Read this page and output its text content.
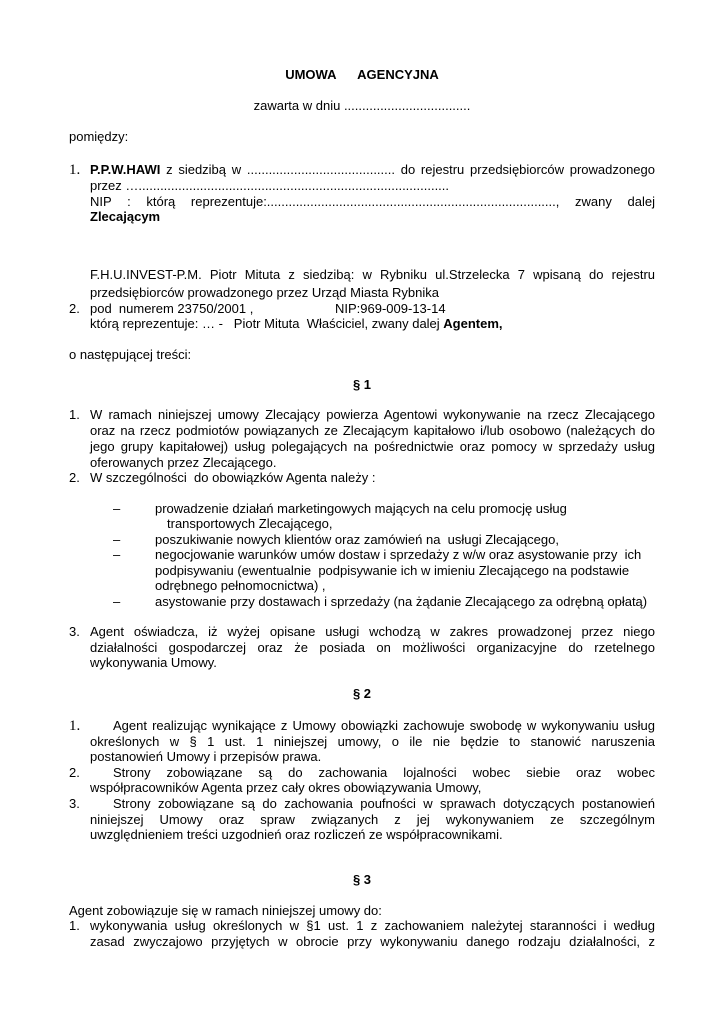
UMOWA      AGENCYJNA
zawarta w dniu ...................................
pomiędzy:
1. P.P.W.HAWI z siedzibą w ......................................... do rejestru przedsiębiorców prowadzonego
przez …......................................................................................
NIP : którą reprezentuje:................................................................................, zwany dalej
Zlecającym
F.H.U.INVEST-P.M. Piotr Mituta z siedzibą: w Rybniku ul.Strzelecka 7 wpisaną do rejestru
przedsiębiorców prowadzonego przez Urząd Miasta Rybnika
2. pod  numerem 23750/2001 ,	NIP:969-009-13-14
którą reprezentuje: … -   Piotr Mituta  Właściciel, zwany dalej Agentem,
o następującej treści:
§ 1
1. W ramach niniejszej umowy Zlecający powierza Agentowi wykonywanie na rzecz Zlecającego
oraz na rzecz podmiotów powiązanych ze Zlecającym kapitałowo i/lub osobowo (należących do
jego grupy kapitałowej) usług polegających na pośrednictwie oraz pomocy w sprzedaży usług
oferowanych przez Zlecającego.
2. W szczególności  do obowiązków Agenta należy :
–	prowadzenie działań marketingowych mających na celu promocję usług
transportowych Zlecającego,
–	poszukiwanie nowych klientów oraz zamówień na  usługi Zlecającego,
–	negocjowanie warunków umów dostaw i sprzedaży z w/w oraz asystowanie przy  ich
podpisywaniu (ewentualnie  podpisywanie ich w imieniu Zlecającego na podstawie
odrębnego pełnomocnictwa) ,
–	asystowanie przy dostawach i sprzedaży (na żądanie Zlecającego za odrębną opłatą)
3. Agent oświadcza, iż wyżej opisane usługi wchodzą w zakres prowadzonej przez niego
działalności gospodarczej oraz że posiada on możliwości organizacyjne do rzetelnego
wykonywania Umowy.
§ 2
1.	Agent realizując wynikające z Umowy obowiązki zachowuje swobodę w wykonywaniu usług
określonych w § 1 ust. 1 niniejszej umowy, o ile nie będzie to stanowić naruszenia
postanowień Umowy i przepisów prawa.
2.	Strony zobowiązane są do zachowania lojalności wobec siebie oraz wobec
współpracowników Agenta przez cały okres obowiązywania Umowy,
3.	Strony zobowiązane są do zachowania poufności w sprawach dotyczących postanowień
niniejszej Umowy oraz spraw związanych z jej wykonywaniem ze szczególnym
uwzględnieniem treści uzgodnień oraz rozliczeń ze współpracownikami.
§ 3
Agent zobowiązuje się w ramach niniejszej umowy do:
1. wykonywania usług określonych w §1 ust. 1 z zachowaniem należytej staranności i według
zasad zwyczajowo przyjętych w obrocie przy wykonywaniu danego rodzaju działalności, z
